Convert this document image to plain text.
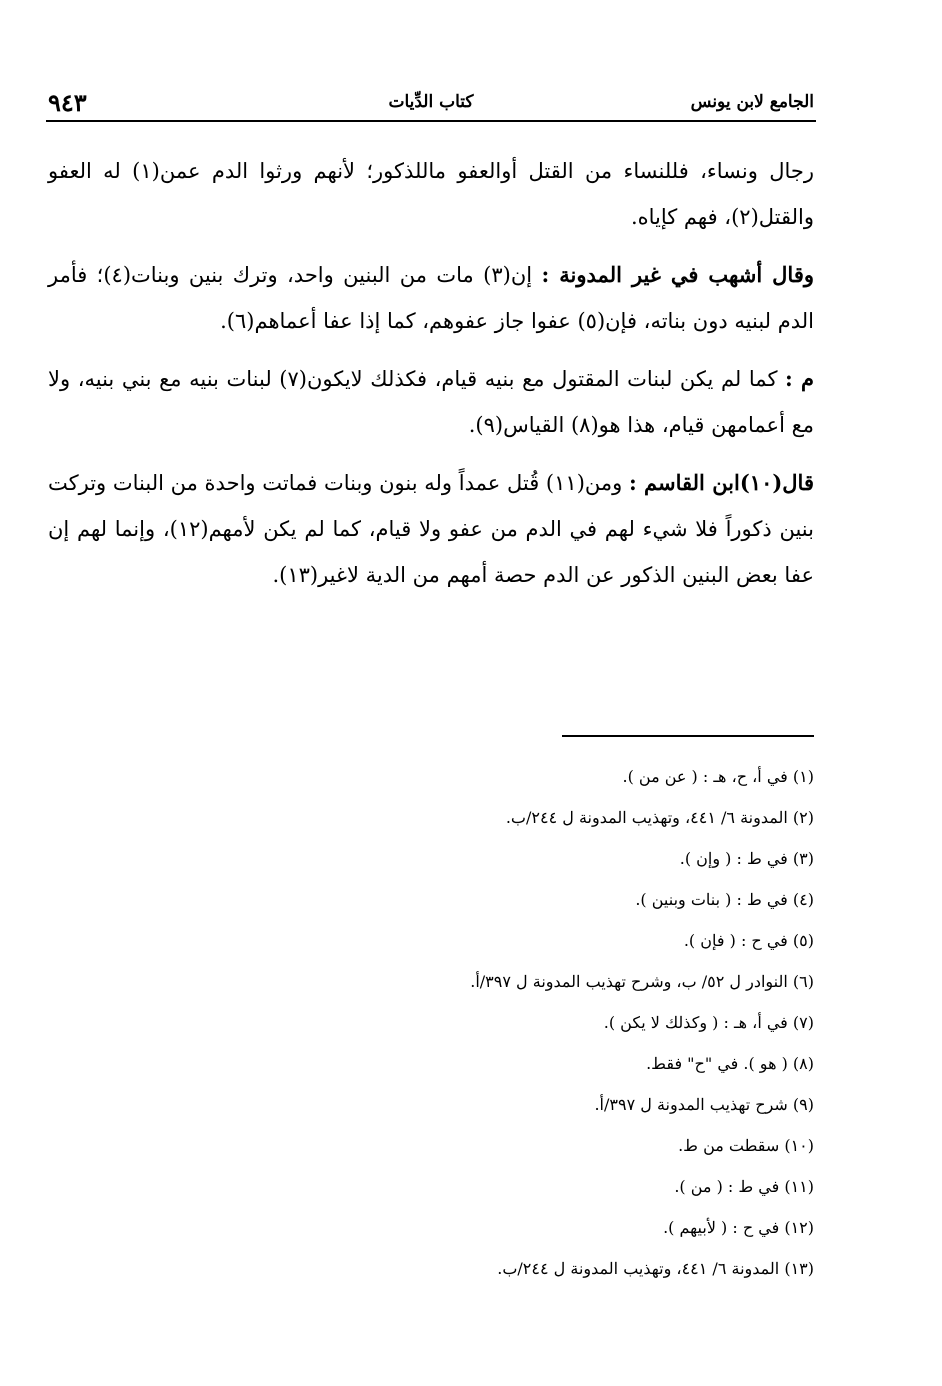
الجامع لابن يونس
كتاب الدِّيات
٩٤٣

رجال ونساء، فللنساء من القتل أوالعفو ماللذكور؛ لأنهم ورثوا الدم عمن(١) له العفو والقتل(٢)، فهم كإياه.

وقال أشهب في غير المدونة : إن(٣) مات من البنين واحد، وترك بنين وبنات(٤)؛ فأمر الدم لبنيه دون بناته، فإن(٥) عفوا جاز عفوهم، كما إذا عفا أعماهم(٦).

م : كما لم يكن لبنات المقتول مع بنيه قيام، فكذلك لايكون(٧) لبنات بنيه مع بني بنيه، ولا مع أعمامهن قيام، هذا هو(٨) القياس(٩).

قال(١٠)ابن القاسم : ومن(١١) قُتل عمداً وله بنون وبنات فماتت واحدة من البنات وتركت بنين ذكوراً فلا شيء لهم في الدم من عفو ولا قيام، كما لم يكن لأمهم(١٢)، وإنما لهم إن عفا بعض البنين الذكور عن الدم حصة أمهم من الدية لاغير(١٣).

(١) في أ، ح، هـ : ( عن من ).
(٢) المدونة ٦/ ٤٤١، وتهذيب المدونة ل ٢٤٤/ب.
(٣) في ط : ( وإن ).
(٤) في ط : ( بنات وبنين ).
(٥) في ح : ( فإن ).
(٦) النوادر ل ٥٢/ ب، وشرح تهذيب المدونة ل ٣٩٧/أ.
(٧) في أ، هـ : ( وكذلك لا يكن ).
(٨) ( هو ). في "ح" فقط.
(٩) شرح تهذيب المدونة ل ٣٩٧/أ.
(١٠) سقطت من ط.
(١١) في ط : ( من ).
(١٢) في ح : ( لأبيهم ).
(١٣) المدونة ٦/ ٤٤١، وتهذيب المدونة ل ٢٤٤/ب.
